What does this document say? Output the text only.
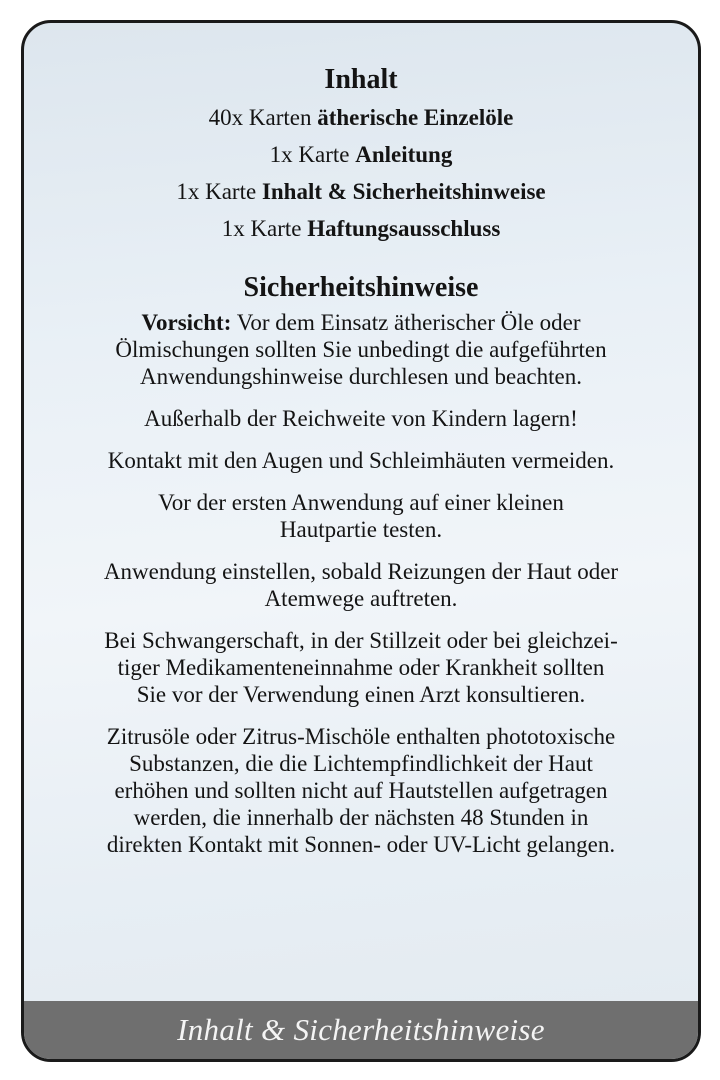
Inhalt

40x Karten ätherische Einzelöle

1x Karte Anleitung

1x Karte Inhalt & Sicherheitshinweise

1x Karte Haftungsausschluss

Sicherheitshinweise

Vorsicht: Vor dem Einsatz ätherischer Öle oder
Ölmischungen sollten Sie unbedingt die aufgeführten
Anwendungshinweise durchlesen und beachten.

Außerhalb der Reichweite von Kindern lagern!

Kontakt mit den Augen und Schleimhäuten vermeiden.

Vor der ersten Anwendung auf einer kleinen
Hautpartie testen.

Anwendung einstellen, sobald Reizungen der Haut oder
Atemwege auftreten.

Bei Schwangerschaft, in der Stillzeit oder bei gleichzei-
tiger Medikamenteneinnahme oder Krankheit sollten
Sie vor der Verwendung einen Arzt konsultieren.

Zitrusöle oder Zitrus-Mischöle enthalten phototoxische
Substanzen, die die Lichtempfindlichkeit der Haut
erhöhen und sollten nicht auf Hautstellen aufgetragen
werden, die innerhalb der nächsten 48 Stunden in
direkten Kontakt mit Sonnen- oder UV-Licht gelangen.

Inhalt & Sicherheitshinweise
